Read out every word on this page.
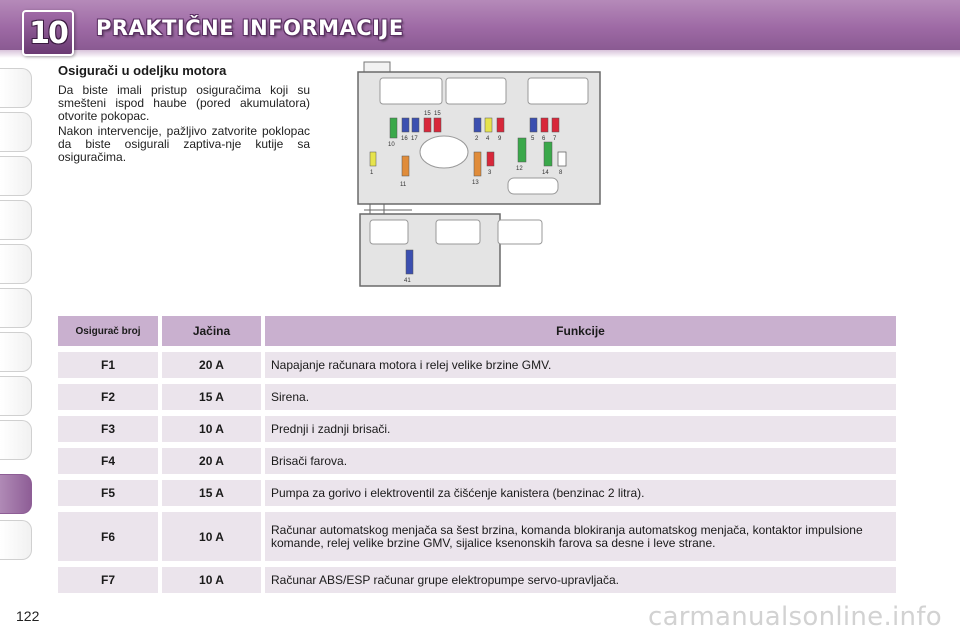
10 PRAKTIČNE INFORMACIJE
Osigurači u odeljku motora

Da biste imali pristup osiguračima koji su smešteni ispod haube (pored akumulatora) otvorite pokopac.

Nakon intervencije, pažljivo zatvorite poklopac da biste osigurali zaptiva-nje kutije sa osiguračima.

1
10
11
16 17
15 15
2 4 9
3
13
12
5 6 7
14 8
41
Osigurač broj	Jačina	Funkcije
F1	20 A	Napajanje računara motora i relej velike brzine GMV.
F2	15 A	Sirena.
F3	10 A	Prednji i zadnji brisači.
F4	20 A	Brisači farova.
F5	15 A	Pumpa za gorivo i elektroventil za čišćenje kanistera (benzinac 2 litra).
F6	10 A	Računar automatskog menjača sa šest brzina, komanda blokiranja automatskog menjača, kontaktor impulsione komande, relej velike brzine GMV, sijalice ksenonskih farova sa desne i leve strane.
F7	10 A	Računar ABS/ESP računar grupe elektropumpe servo-upravljača.
122	carmanualsonline.info
